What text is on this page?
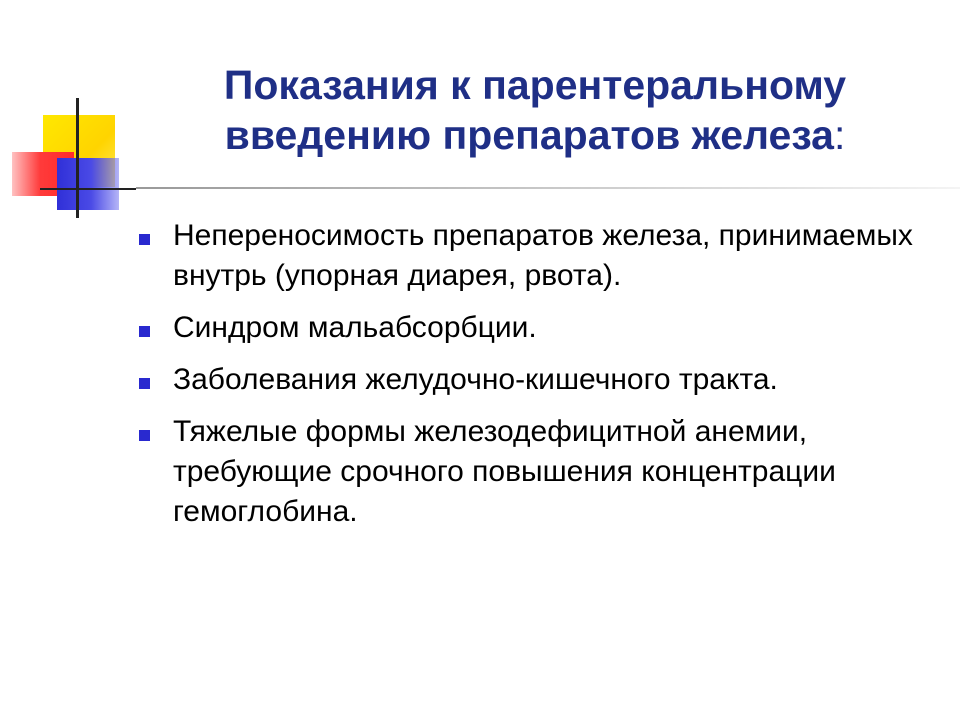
Показания к парентеральному введению препаратов железа:
Непереносимость препаратов железа, принимаемых внутрь (упорная диарея, рвота).
Синдром мальабсорбции.
Заболевания желудочно-кишечного тракта.
Тяжелые формы железодефицитной анемии, требующие срочного повышения концентрации гемоглобина.
